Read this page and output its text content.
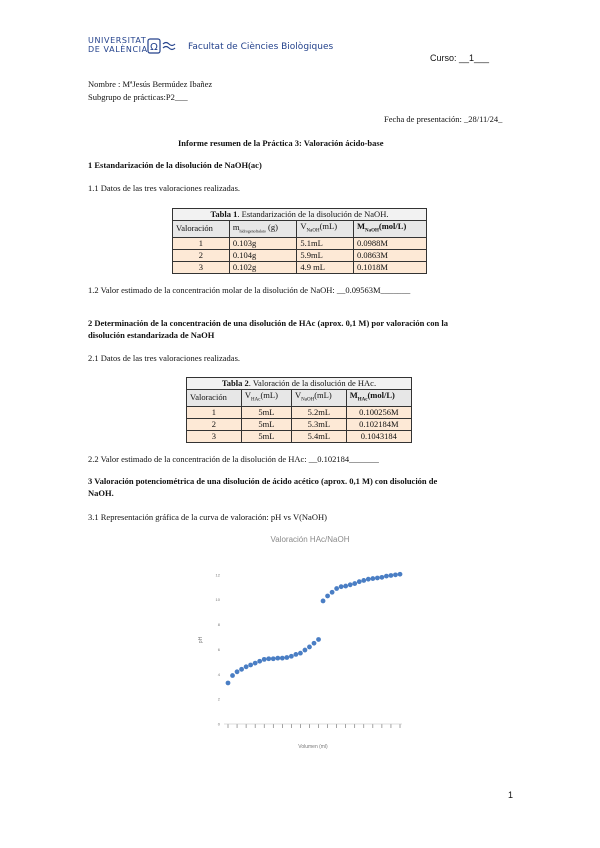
UNIVERSITAT
DE VALÈNCIA Ω	Facultat de Ciències Biològiques
Curso: __1___
Nombre : MªJesús Bermúdez Ibañez
Subgrupo de prácticas:P2___
Fecha de presentación: _28/11/24_
Informe resumen de la Práctica 3: Valoración ácido-base
1 Estandarización de la disolución de NaOH(ac)
1.1 Datos de las tres valoraciones realizadas.
Tabla 1. Estandarización de la disolución de NaOH.			
Valoración	$m_{hidrogenoftalato}$ (g)	$V_{NaOH}(mL)$	$M_{NaOH}(mol/L)$
1	0.103g	5.1mL	0.0988M
2	0.104g	5.9mL	0.0863M
3	0.102g	4.9 mL	0.1018M
1.2 Valor estimado de la concentración molar de la disolución de NaOH: __0.09563M_______
2 Determinación de la concentración de una disolución de HAc (aprox. 0,1 M) por valoración con la
disolución estandarizada de NaOH
2.1 Datos de las tres valoraciones realizadas.
Tabla 2. Valoración de la disolución de HAc.			
Valoración	$V_{HAc}(mL)$	$V_{NaOH}(mL)$	$M_{HAc}(mol/L)$
1	5mL	5.2mL	0.100256M
2	5mL	5.3mL	0.102184M
3	5mL	5.4mL	0.1043184
2.2 Valor estimado de la concentración de la disolución de HAc: __0.102184_______
3 Valoración potenciométrica de una disolución de ácido acético (aprox. 0,1 M) con disolución de
NaOH.
3.1 Representación gráfica de la curva de valoración: pH vs V(NaOH)
Valoración HAc/NaOH
0
2
4
6
8
10
12
pH
Volumen (ml)
1
